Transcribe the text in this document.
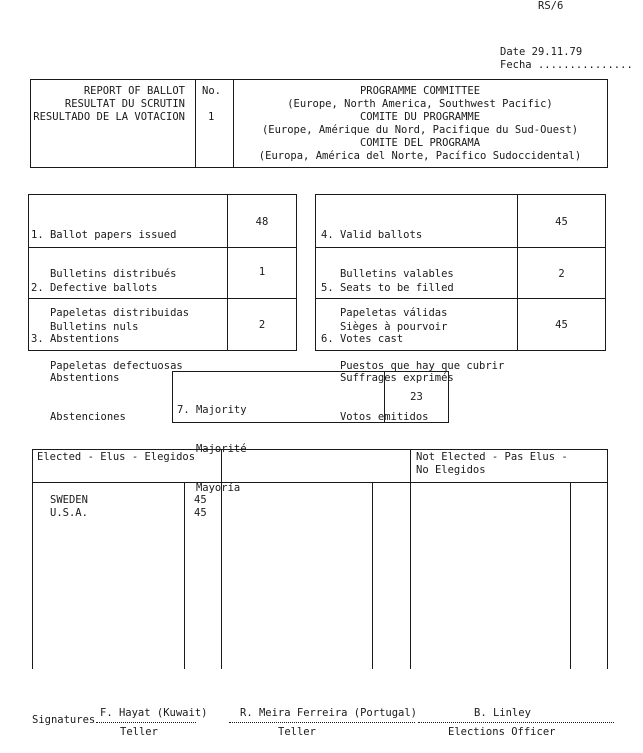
RS/6
Date 29.11.79
Fecha ...............
REPORT OF BALLOT
RESULTAT DU SCRUTIN
RESULTADO DE LA VOTACION
No.
1
PROGRAMME COMMITTEE
(Europe, North America, Southwest Pacific)
COMITE DU PROGRAMME
(Europe, Amérique du Nord, Pacifique du Sud-Ouest)
COMITE DEL PROGRAMA
(Europa, América del Norte, Pacífico Sudoccidental)

1. Ballot papers issued

Bulletins distribués

Papeletas distribuidas

48

2. Defective ballots

Bulletins nuls

Papeletas defectuosas

1

3. Abstentions

Abstentions

Abstenciones

2

4. Valid ballots

Bulletins valables

Papeletas válidas

45

5. Seats to be filled

Sièges à pourvoir

Puestos que hay que cubrir

2

6. Votes cast

Suffrages exprimés

Votos emitidos

45

7. Majority

Majorité

Mayoría

23
Elected - Elus - Elegidos	Not Elected - Pas Elus -
No Elegidos
SWEDEN	45
U.S.A.	45
F. Hayat (Kuwait)	R. Meira Ferreira (Portugal)	B. Linley
Signatures
Teller	Teller	Elections Officer
